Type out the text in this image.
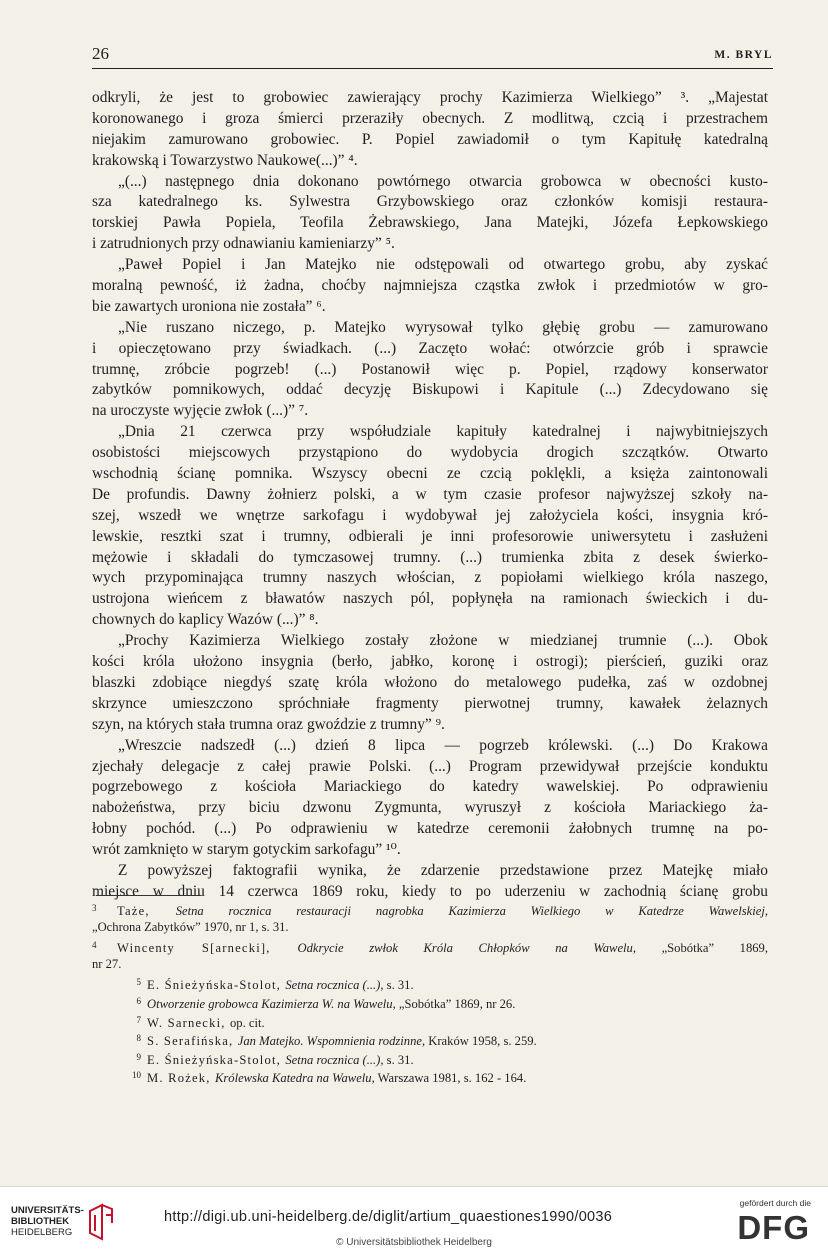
26	M. BRYL
odkryli, że jest to grobowiec zawierający prochy Kazimierza Wielkiego” ³. „Majestat
koronowanego i groza śmierci przeraziły obecnych. Z modlitwą, czcią i przestrachem
niejakim zamurowano grobowiec. P. Popiel zawiadomił o tym Kapitułę katedralną
krakowską i Towarzystwo Naukowe(...)” ⁴.
„(...) następnego dnia dokonano powtórnego otwarcia grobowca w obecności kusto-
sza katedralnego ks. Sylwestra Grzybowskiego oraz członków komisji restaura-
torskiej Pawła Popiela, Teofila Żebrawskiego, Jana Matejki, Józefa Łepkowskiego
i zatrudnionych przy odnawianiu kamieniarzy” ⁵.
„Paweł Popiel i Jan Matejko nie odstępowali od otwartego grobu, aby zyskać
moralną pewność, iż żadna, choćby najmniejsza cząstka zwłok i przedmiotów w gro-
bie zawartych uroniona nie została” ⁶.
„Nie ruszano niczego, p. Matejko wyrysował tylko głębię grobu — zamurowano
i opieczętowano przy świadkach. (...) Zaczęto wołać: otwórzcie grób i sprawcie
trumnę, zróbcie pogrzeb! (...) Postanowił więc p. Popiel, rządowy konserwator
zabytków pomnikowych, oddać decyzję Biskupowi i Kapitule (...) Zdecydowano się
na uroczyste wyjęcie zwłok (...)” ⁷.
„Dnia 21 czerwca przy współudziale kapituły katedralnej i najwybitniejszych
osobistości miejscowych przystąpiono do wydobycia drogich szczątków. Otwarto
wschodnią ścianę pomnika. Wszyscy obecni ze czcią poklękli, a księża zaintonowali
De profundis. Dawny żołnierz polski, a w tym czasie profesor najwyższej szkoły na-
szej, wszedł we wnętrze sarkofagu i wydobywał jej założyciela kości, insygnia kró-
lewskie, resztki szat i trumny, odbierali je inni profesorowie uniwersytetu i zasłużeni
mężowie i składali do tymczasowej trumny. (...) trumienka zbita z desek świerko-
wych przypominająca trumny naszych włościan, z popiołami wielkiego króla naszego,
ustrojona wieńcem z bławatów naszych pól, popłynęła na ramionach świeckich i du-
chownych do kaplicy Wazów (...)” ⁸.
„Prochy Kazimierza Wielkiego zostały złożone w miedzianej trumnie (...). Obok
kości króla ułożono insygnia (berło, jabłko, koronę i ostrogi); pierścień, guziki oraz
blaszki zdobiące niegdyś szatę króla włożono do metalowego pudełka, zaś w ozdobnej
skrzynce umieszczono spróchniałe fragmenty pierwotnej trumny, kawałek żelaznych
szyn, na których stała trumna oraz gwoździe z trumny” ⁹.
„Wreszcie nadszedł (...) dzień 8 lipca — pogrzeb królewski. (...) Do Krakowa
zjechały delegacje z całej prawie Polski. (...) Program przewidywał przejście konduktu
pogrzebowego z kościoła Mariackiego do katedry wawelskiej. Po odprawieniu
nabożeństwa, przy biciu dzwonu Zygmunta, wyruszył z kościoła Mariackiego ża-
łobny pochód. (...) Po odprawieniu w katedrze ceremonii żałobnych trumnę na po-
wrót zamknięto w starym gotyckim sarkofagu” ¹⁰.
Z powyższej faktografii wynika, że zdarzenie przedstawione przez Matejkę miało
miejsce w dniu 14 czerwca 1869 roku, kiedy to po uderzeniu w zachodnią ścianę grobu
3 Taże, Setna rocznica restauracji nagrobka Kazimierza Wielkiego w Katedrze Wawelskiej,
„Ochrona Zabytków” 1970, nr 1, s. 31.
4 Wincenty S[arnecki], Odkrycie zwłok Króla Chłopków na Wawelu, „Sobótka” 1869,
nr 27.
5 E. Śnieżyńska-Stolot, Setna rocznica (...), s. 31.
6 Otworzenie grobowca Kazimierza W. na Wawelu, „Sobótka” 1869, nr 26.
7 W. Sarnecki, op. cit.
8 S. Serafińska, Jan Matejko. Wspomnienia rodzinne, Kraków 1958, s. 259.
9 E. Śnieżyńska-Stolot, Setna rocznica (...), s. 31.
10 M. Rożek, Królewska Katedra na Wawelu, Warszawa 1981, s. 162 - 164.
UNIVERSITÄTS-
BIBLIOTHEK
HEIDELBERG
http://digi.ub.uni-heidelberg.de/diglit/artium_quaestiones1990/0036
© Universitätsbibliothek Heidelberg
gefördert durch die
DFG
